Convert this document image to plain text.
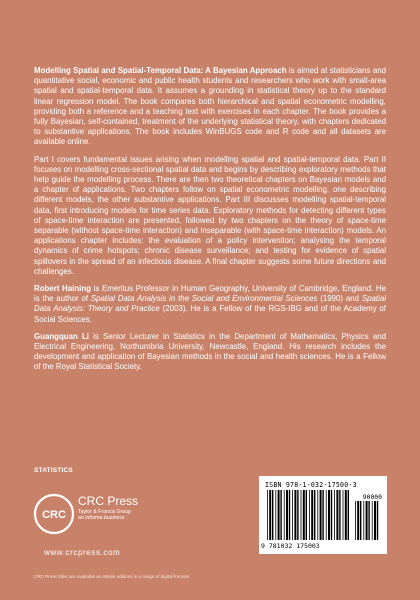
Modelling Spatial and Spatial-Temporal Data: A Bayesian Approach is aimed at statisticians and quantitative social, economic and public health students and researchers who work with small-area spatial and spatial-temporal data. It assumes a grounding in statistical theory up to the standard linear regression model. The book compares both hierarchical and spatial econometric modelling, providing both a reference and a teaching text with exercises in each chapter. The book provides a fully Bayesian, self-contained, treatment of the underlying statistical theory, with chapters dedicated to substantive applications. The book includes WinBUGS code and R code and all datasets are available online.

Part I covers fundamental issues arising when modelling spatial and spatial-temporal data. Part II focuses on modelling cross-sectional spatial data and begins by describing exploratory methods that help guide the modelling process. There are then two theoretical chapters on Bayesian models and a chapter of applications. Two chapters follow on spatial econometric modelling, one describing different models, the other substantive applications. Part III discusses modelling spatial-temporal data, first introducing models for time series data. Exploratory methods for detecting different types of space-time interaction are presented, followed by two chapters on the theory of space-time separable (without space-time interaction) and inseparable (with space-time interaction) models. An applications chapter includes: the evaluation of a policy intervention; analysing the temporal dynamics of crime hotspots; chronic disease surveillance; and testing for evidence of spatial spillovers in the spread of an infectious disease. A final chapter suggests some future directions and challenges.

Robert Haining is Emeritus Professor in Human Geography, University of Cambridge, England. He is the author of Spatial Data Analysis in the Social and Environmental Sciences (1990) and Spatial Data Analysis: Theory and Practice (2003). He is a Fellow of the RGS-IBG and of the Academy of Social Sciences.

Guangquan Li is Senior Lecturer in Statistics in the Department of Mathematics, Physics and Electrical Engineering, Northumbria University, Newcastle, England. His research includes the development and application of Bayesian methods in the social and health sciences. He is a Fellow of the Royal Statistical Society.

STATISTICS
CRC
CRC Press
Taylor & Francis Group
an informa business
www.crcpress.com
CRC Press titles are available as eBook editions in a range of digital formats
ISBN 978-1-032-17500-3
90000
9 781032 175003
